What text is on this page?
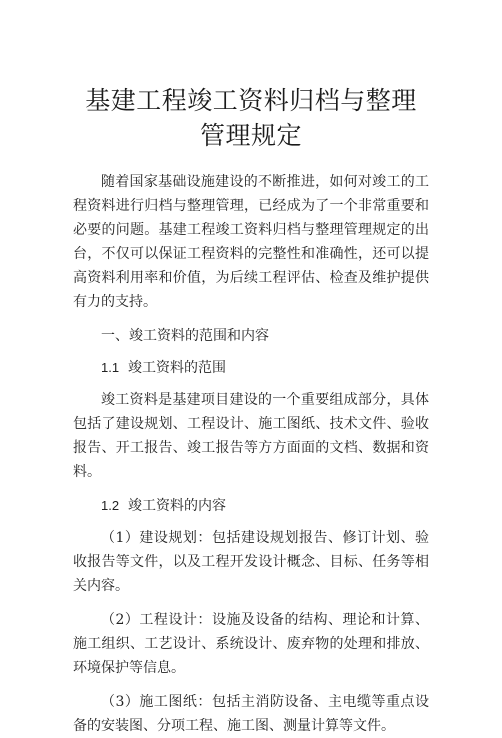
基建工程竣工资料归档与整理管理规定

随着国家基础设施建设的不断推进，如何对竣工的工程资料进行归档与整理管理，已经成为了一个非常重要和必要的问题。基建工程竣工资料归档与整理管理规定的出台，不仅可以保证工程资料的完整性和准确性，还可以提高资料利用率和价值，为后续工程评估、检查及维护提供有力的支持。

一、竣工资料的范围和内容

1.1 竣工资料的范围

竣工资料是基建项目建设的一个重要组成部分，具体包括了建设规划、工程设计、施工图纸、技术文件、验收报告、开工报告、竣工报告等方方面面的文档、数据和资料。

1.2 竣工资料的内容

（1）建设规划：包括建设规划报告、修订计划、验收报告等文件，以及工程开发设计概念、目标、任务等相关内容。

（2）工程设计：设施及设备的结构、理论和计算、施工组织、工艺设计、系统设计、废弃物的处理和排放、环境保护等信息。

（3）施工图纸：包括主消防设备、主电缆等重点设备的安装图、分项工程、施工图、测量计算等文件。
